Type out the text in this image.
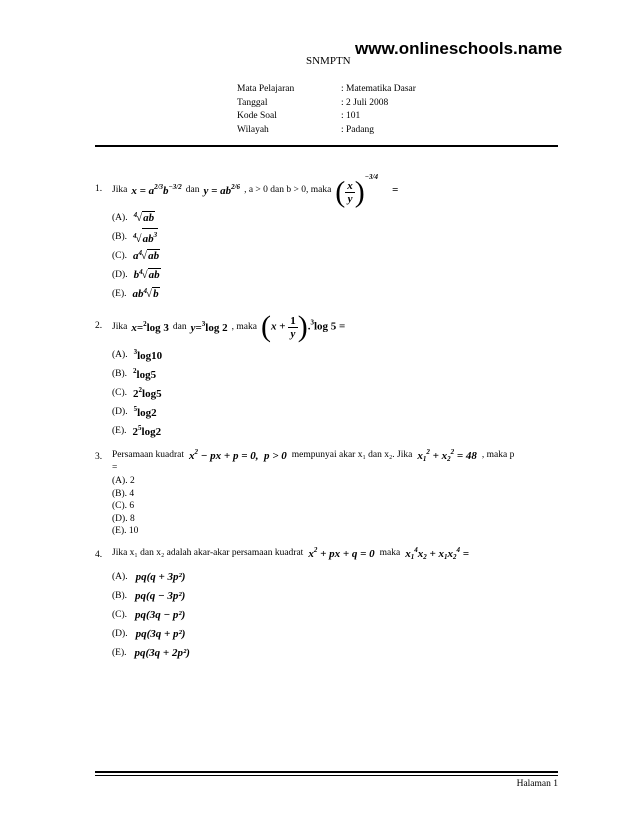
www.onlineschools.name
SNMPTN
Mata Pelajaran
Tanggal
Kode Soal
Wilayah
: Matematika Dasar
: 2 Juli 2008
: 101
: Padang
1. Jika $x = a^{2/3}b^{-3/2}$ dan $y = ab^{2/6}$ , a > 0 dan b > 0, maka ( $\frac{x}{y} )^{-3/4}$
=
(A). $^4$√ab
(B). $^4√ab^3$
(C). $a^4√ab$
(D). $b^4√ab$
(E). $ab^4√b$
2. Jika x=$^2$log 3 dan y=$^3$log 2 , maka $(x + \frac{1}{y} ).^3\log$ 5 =
(A). $^3$log10
(B). $^2$log5
(C). $2^2\log 5$
(D). $^5$log2
(E). $2^5\log 2$
3. Persamaan kuadrat $x^2$ − px + p = 0,  p > 0 mempunyai akar x₁ dan x₂. Jika $x_1^2 + x_2^2 = 48$ , maka p
=
(A). 2
(B). 4
(C). 6
(D). 8
(E). 10
4. Jika x₁ dan x₂ adalah akar-akar persamaan kuadrat $x^2$ + px + q = 0 maka $x_1^4x_2 + x_1x_2^4$ =
(A). pq(q + 3p²)
(B). pq(q − 3p²)
(C). pq(3q − p²)
(D). pq(3q + p²)
(E). pq(3q + 2p²)
Halaman 1
